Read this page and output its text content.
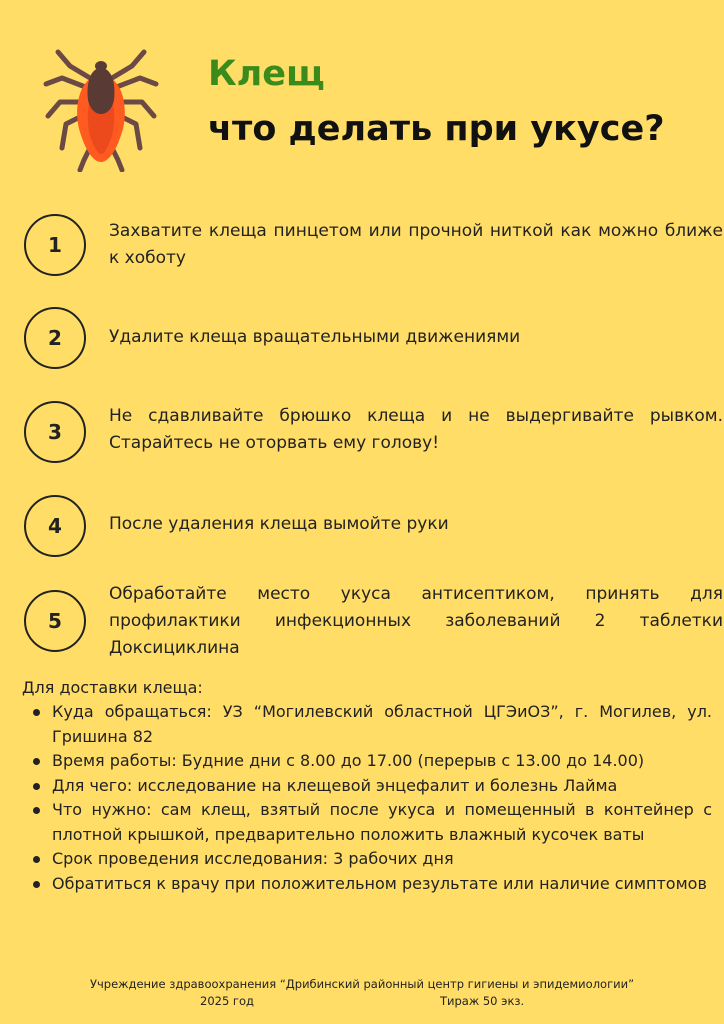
Клещ
что делать при укусе?
1
Захватите клеща пинцетом или прочной ниткой как можно ближе к хоботу
2	Удалите клеща вращательными движениями
3
Не сдавливайте брюшко клеща и не выдергивайте рывком. Старайтесь не оторвать ему голову!
4	После удаления клеща вымойте руки
5
Обработайте место укуса антисептиком, принять для профилактики инфекционных заболеваний 2 таблетки Доксициклина
Для доставки клеща:
Куда обращаться: УЗ “Могилевский областной ЦГЭиОЗ”, г. Могилев, ул. Гришина 82
Время работы: Будние дни с 8.00 до 17.00 (перерыв с 13.00 до 14.00)
Для чего: исследование на клещевой энцефалит и болезнь Лайма
Что нужно: сам клещ, взятый после укуса и помещенный в контейнер с плотной крышкой, предварительно положить влажный кусочек ваты
Срок проведения исследования: 3 рабочих дня
Обратиться к врачу при положительном результате или наличие симптомов
Учреждение здравоохранения “Дрибинский районный центр гигиены и эпидемиологии”
2025 год	Тираж 50 экз.
